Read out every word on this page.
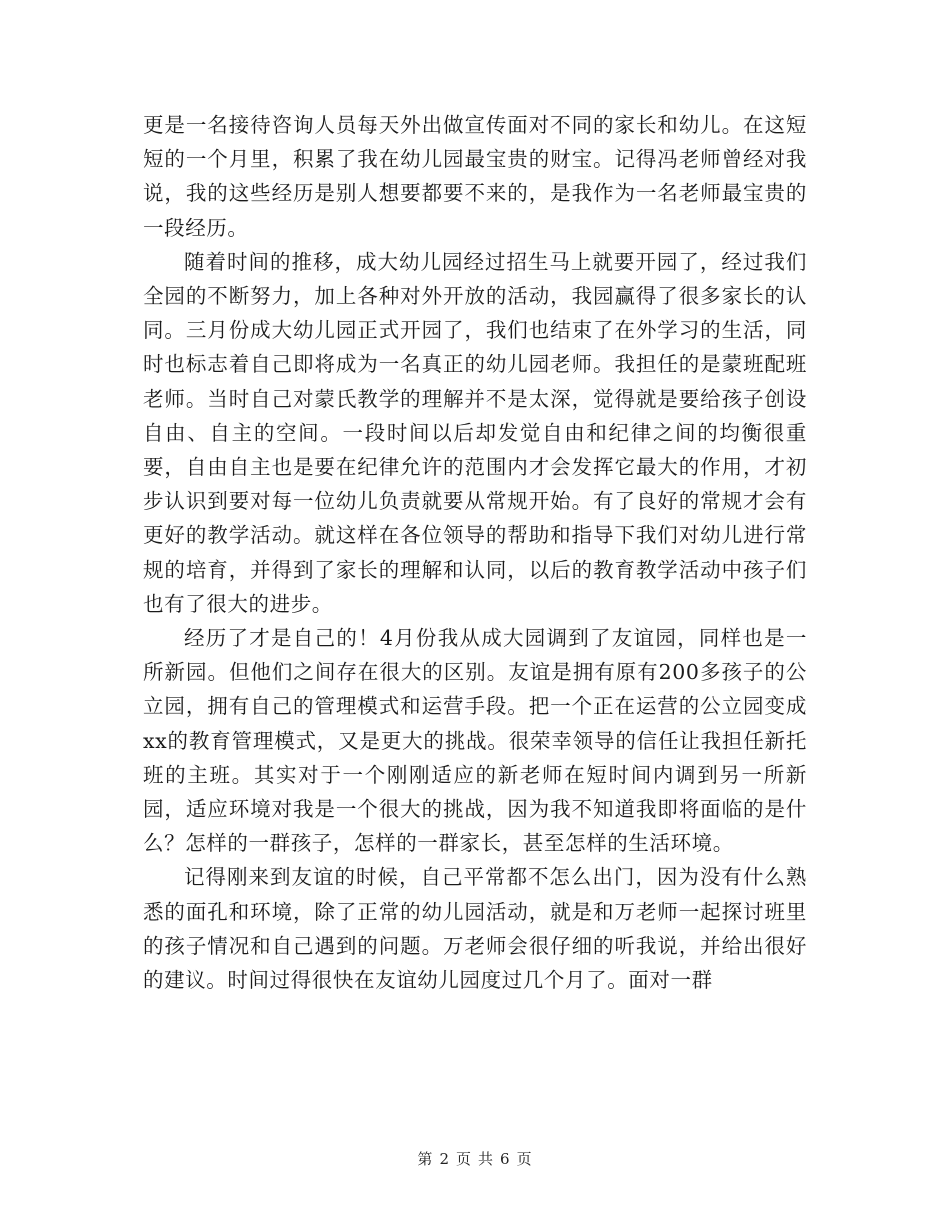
更是一名接待咨询人员每天外出做宣传面对不同的家长和幼儿。在这短短的一个月里，积累了我在幼儿园最宝贵的财宝。记得冯老师曾经对我说，我的这些经历是别人想要都要不来的，是我作为一名老师最宝贵的一段经历。

随着时间的推移，成大幼儿园经过招生马上就要开园了，经过我们全园的不断努力，加上各种对外开放的活动，我园赢得了很多家长的认同。三月份成大幼儿园正式开园了，我们也结束了在外学习的生活，同时也标志着自己即将成为一名真正的幼儿园老师。我担任的是蒙班配班老师。当时自己对蒙氏教学的理解并不是太深，觉得就是要给孩子创设自由、自主的空间。一段时间以后却发觉自由和纪律之间的均衡很重要，自由自主也是要在纪律允许的范围内才会发挥它最大的作用，才初步认识到要对每一位幼儿负责就要从常规开始。有了良好的常规才会有更好的教学活动。就这样在各位领导的帮助和指导下我们对幼儿进行常规的培育，并得到了家长的理解和认同，以后的教育教学活动中孩子们也有了很大的进步。

经历了才是自己的！4月份我从成大园调到了友谊园，同样也是一所新园。但他们之间存在很大的区别。友谊是拥有原有200多孩子的公立园，拥有自己的管理模式和运营手段。把一个正在运营的公立园变成xx的教育管理模式，又是更大的挑战。很荣幸领导的信任让我担任新托班的主班。其实对于一个刚刚适应的新老师在短时间内调到另一所新园，适应环境对我是一个很大的挑战，因为我不知道我即将面临的是什么？怎样的一群孩子，怎样的一群家长，甚至怎样的生活环境。

记得刚来到友谊的时候，自己平常都不怎么出门，因为没有什么熟悉的面孔和环境，除了正常的幼儿园活动，就是和万老师一起探讨班里的孩子情况和自己遇到的问题。万老师会很仔细的听我说，并给出很好的建议。时间过得很快在友谊幼儿园度过几个月了。面对一群

第 2 页 共 6 页
